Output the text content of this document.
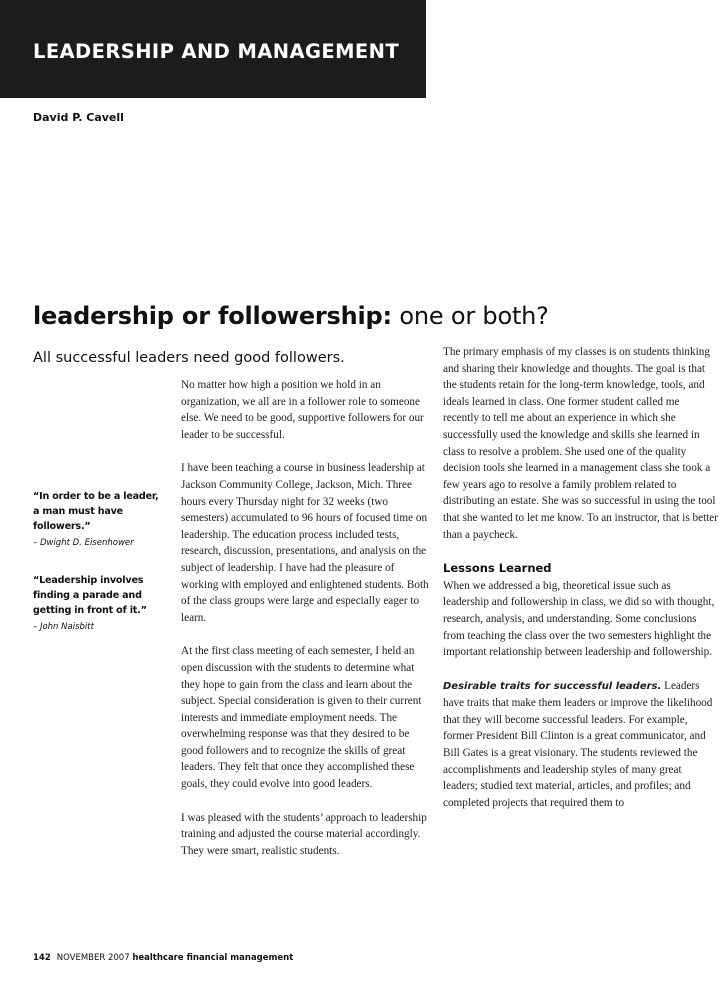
LEADERSHIP AND MANAGEMENT
David P. Cavell
leadership or followership: one or both?
All successful leaders need good followers.
“In order to be a leader, a man must have followers.”
– Dwight D. Eisenhower
“Leadership involves finding a parade and getting in front of it.”
– John Naisbitt

No matter how high a position we hold in an organization, we all are in a follower role to someone else. We need to be good, supportive followers for our leader to be successful.

I have been teaching a course in business leadership at Jackson Community College, Jackson, Mich. Three hours every Thursday night for 32 weeks (two semesters) accumulated to 96 hours of focused time on leadership. The education process included tests, research, discussion, presentations, and analysis on the subject of leadership. I have had the pleasure of working with employed and enlightened students. Both of the class groups were large and especially eager to learn.

At the first class meeting of each semester, I held an open discussion with the students to determine what they hope to gain from the class and learn about the subject. Special consideration is given to their current interests and immediate employment needs. The overwhelming response was that they desired to be good followers and to recognize the skills of great leaders. They felt that once they accomplished these goals, they could evolve into good leaders.

I was pleased with the students’ approach to leadership training and adjusted the course material accordingly. They were smart, realistic students.

The primary emphasis of my classes is on students thinking and sharing their knowledge and thoughts. The goal is that the students retain for the long-term knowledge, tools, and ideals learned in class. One former student called me recently to tell me about an experience in which she successfully used the knowledge and skills she learned in class to resolve a problem. She used one of the quality decision tools she learned in a management class she took a few years ago to resolve a family problem related to distributing an estate. She was so successful in using the tool that she wanted to let me know. To an instructor, that is better than a paycheck.

Lessons Learned

When we addressed a big, theoretical issue such as leadership and followership in class, we did so with thought, research, analysis, and understanding. Some conclusions from teaching the class over the two semesters highlight the important relationship between leadership and followership.

Desirable traits for successful leaders. Leaders have traits that make them leaders or improve the likelihood that they will become successful leaders. For example, former President Bill Clinton is a great communicator, and Bill Gates is a great visionary. The students reviewed the accomplishments and leadership styles of many great leaders; studied text material, articles, and profiles; and completed projects that required them to

142 NOVEMBER 2007 healthcare financial management
